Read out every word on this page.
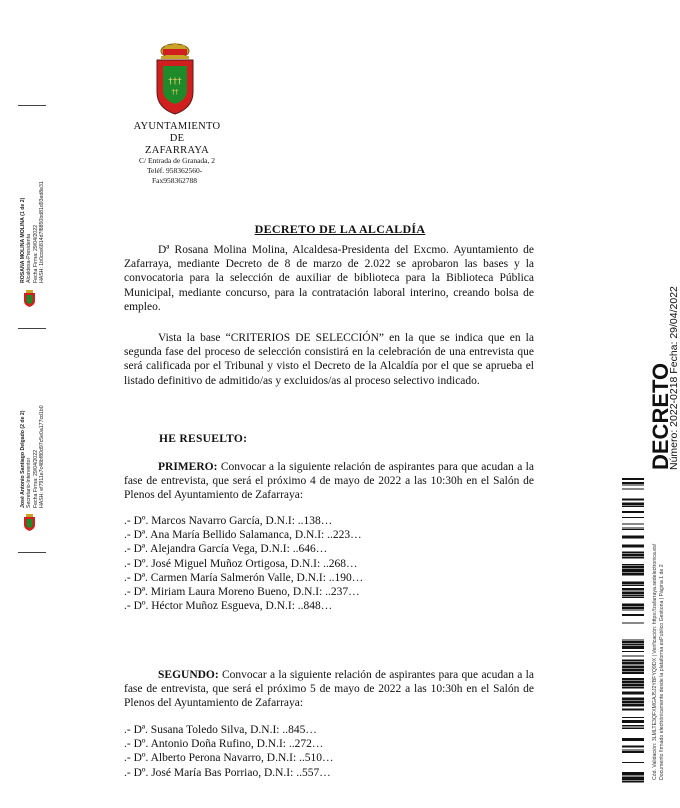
†††
††
AYUNTAMIENTO
DE
ZAFARRAYA
C/ Entrada de Granada, 2
Teléf. 958362560-
Fax958362788
DECRETO DE LA ALCALDÍA
Dª Rosana Molina Molina, Alcaldesa-Presidenta del Excmo. Ayuntamiento de Zafarraya, mediante Decreto de 8 de marzo de 2.022 se aprobaron las bases y la convocatoria para la selección de auxiliar de biblioteca para la Biblioteca Pública Municipal, mediante concurso, para la contratación laboral interino, creando bolsa de empleo.
Vista la base “CRITERIOS DE SELECCIÓN” en la que se indica que en la segunda fase del proceso de selección consistirá en la celebración de una entrevista que será calificada por el Tribunal y visto el Decreto de la Alcaldía por el que se aprueba el listado definitivo de admitido/as y excluidos/as al proceso selectivo indicado.
HE RESUELTO:
PRIMERO: Convocar a la siguiente relación de aspirantes para que acudan a la fase de entrevista, que será el próximo 4 de mayo de 2022 a las 10:30h en el Salón de Plenos del Ayuntamiento de Zafarraya:
.- Dº. Marcos Navarro García, D.N.I: ..138…
.- Dª. Ana María Bellido Salamanca, D.N.I: ..223…
.- Dª. Alejandra García Vega, D.N.I: ..646…
.- Dº. José Miguel Muñoz Ortigosa, D.N.I: ..268…
.- Dª. Carmen María Salmerón Valle, D.N.I: ..190…
.- Dª. Miriam Laura Moreno Bueno, D.N.I: ..237…
.- Dº. Héctor Muñoz Esgueva, D.N.I: ..848…
SEGUNDO: Convocar a la siguiente relación de aspirantes para que acudan a la fase de entrevista, que será el próximo 5 de mayo de 2022 a las 10:30h en el Salón de Plenos del Ayuntamiento de Zafarraya:
.- Dª. Susana Toledo Silva, D.N.I: ..845…
.- Dº. Antonio Doña Rufino, D.N.I: ..272…
.- Dº. Alberto Perona Navarro, D.N.I: ..510…
.- Dº. José María Bas Porriao, D.N.I: ..557…
ROSANA MOLINA MOLINA (1 de 2) Alcaldesa-Presidenta Fecha Firma: 29/04/2022 HASH: 1b0cce6814d7f8850bd81d93ed8e31
José Antonio Santiago Delgado (2 de 2) Secretario-Interventor Fecha Firma: 29/04/2022 HASH: ef7911e7c48bf80d97c5e0a177cd1b0	DECRETO
Número: 2022-0218 Fecha: 29/04/2022
Cód. Validación: 3LMLTE3QFXMGAJ5J2YBFYQ9DX | Verificación: https://zafarraya.sedelectronica.es/ Documento firmado electrónicamente desde la plataforma esPublico Gestiona | Página 1 de 2
